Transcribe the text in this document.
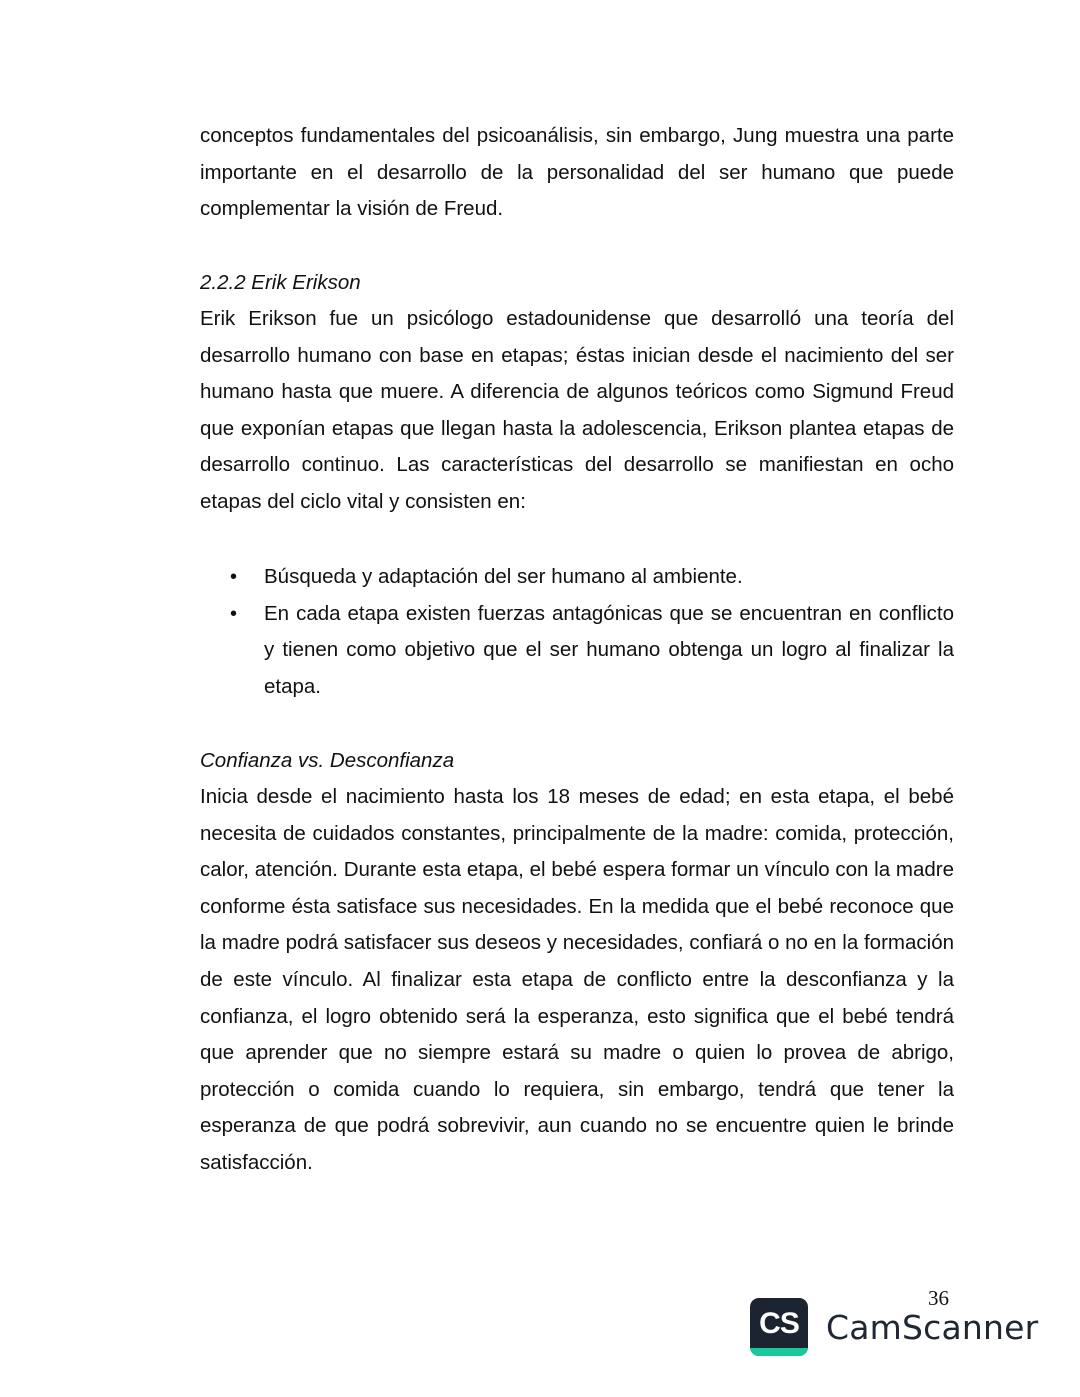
conceptos fundamentales del psicoanálisis, sin embargo, Jung muestra una parte importante en el desarrollo de la personalidad del ser humano que puede complementar la visión de Freud.

2.2.2 Erik Erikson

Erik Erikson fue un psicólogo estadounidense que desarrolló una teoría del desarrollo humano con base en etapas; éstas inician desde el nacimiento del ser humano hasta que muere. A diferencia de algunos teóricos como Sigmund Freud que exponían etapas que llegan hasta la adolescencia, Erikson plantea etapas de desarrollo continuo. Las características del desarrollo se manifiestan en ocho etapas del ciclo vital y consisten en:

•	Búsqueda y adaptación del ser humano al ambiente.
•	En cada etapa existen fuerzas antagónicas que se encuentran en conflicto y tienen como objetivo que el ser humano obtenga un logro al finalizar la etapa.

Confianza vs. Desconfianza

Inicia desde el nacimiento hasta los 18 meses de edad; en esta etapa, el bebé necesita de cuidados constantes, principalmente de la madre: comida, protección, calor, atención. Durante esta etapa, el bebé espera formar un vínculo con la madre conforme ésta satisface sus necesidades. En la medida que el bebé reconoce que la madre podrá satisfacer sus deseos y necesidades, confiará o no en la formación de este vínculo. Al finalizar esta etapa de conflicto entre la desconfianza y la confianza, el logro obtenido será la esperanza, esto significa que el bebé tendrá que aprender que no siempre estará su madre o quien lo provea de abrigo, protección o comida cuando lo requiera, sin embargo, tendrá que tener la esperanza de que podrá sobrevivir, aun cuando no se encuentre quien le brinde satisfacción.

36
CS CamScanner
